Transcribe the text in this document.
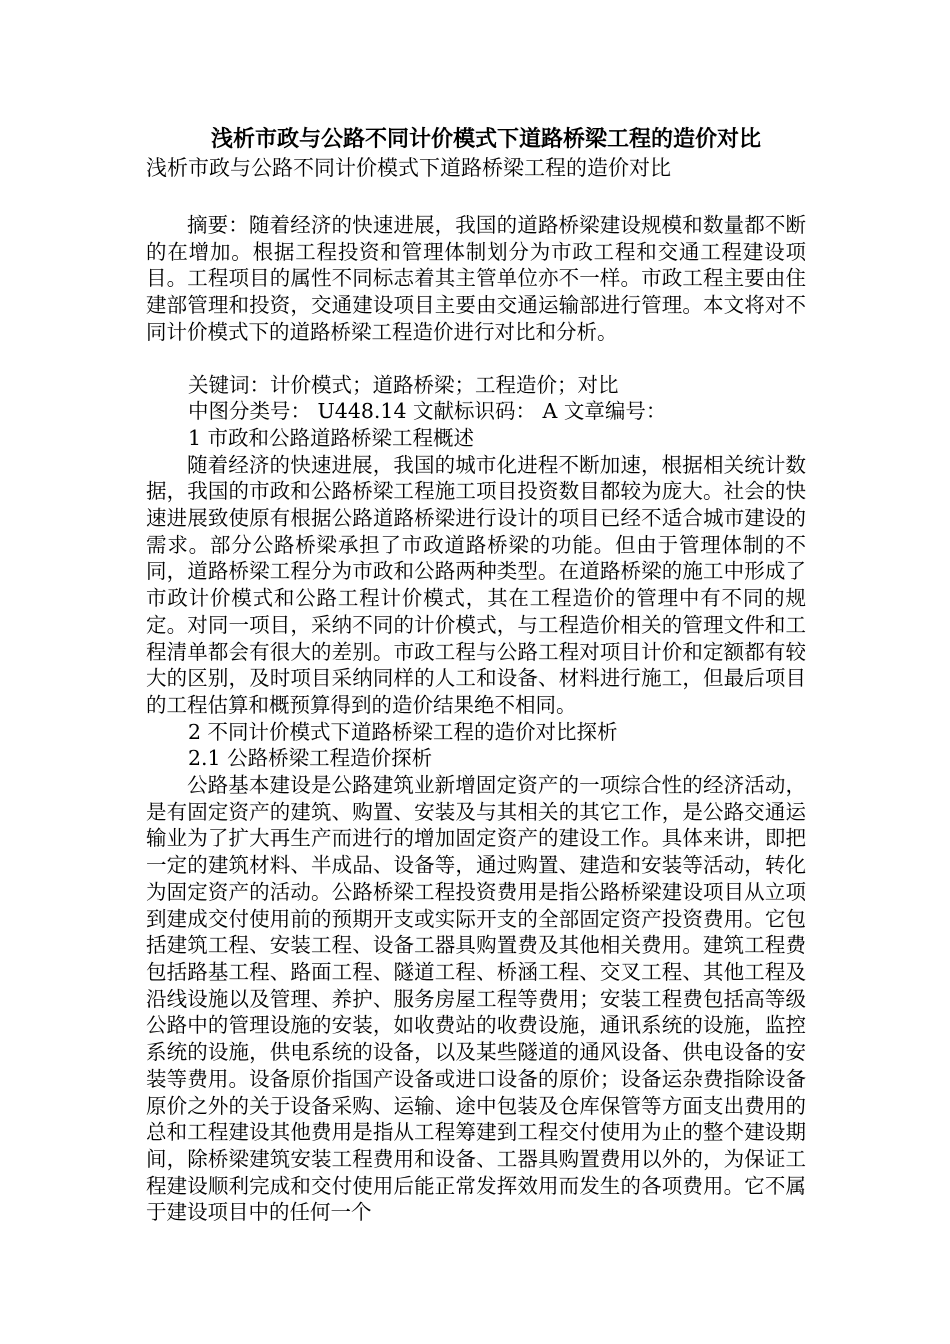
浅析市政与公路不同计价模式下道路桥梁工程的造价对比
浅析市政与公路不同计价模式下道路桥梁工程的造价对比

摘要：随着经济的快速进展，我国的道路桥梁建设规模和数量都不断的在增加。根据工程投资和管理体制划分为市政工程和交通工程建设项目。工程项目的属性不同标志着其主管单位亦不一样。市政工程主要由住建部管理和投资，交通建设项目主要由交通运输部进行管理。本文将对不同计价模式下的道路桥梁工程造价进行对比和分析。

关键词：计价模式；道路桥梁；工程造价；对比

中图分类号： U448.14 文献标识码： A 文章编号：

1 市政和公路道路桥梁工程概述

随着经济的快速进展，我国的城市化进程不断加速，根据相关统计数据，我国的市政和公路桥梁工程施工项目投资数目都较为庞大。社会的快速进展致使原有根据公路道路桥梁进行设计的项目已经不适合城市建设的需求。部分公路桥梁承担了市政道路桥梁的功能。但由于管理体制的不同，道路桥梁工程分为市政和公路两种类型。在道路桥梁的施工中形成了市政计价模式和公路工程计价模式，其在工程造价的管理中有不同的规定。对同一项目，采纳不同的计价模式，与工程造价相关的管理文件和工程清单都会有很大的差别。市政工程与公路工程对项目计价和定额都有较大的区别，及时项目采纳同样的人工和设备、材料进行施工，但最后项目的工程估算和概预算得到的造价结果绝不相同。

2 不同计价模式下道路桥梁工程的造价对比探析

2.1 公路桥梁工程造价探析

公路基本建设是公路建筑业新增固定资产的一项综合性的经济活动，是有固定资产的建筑、购置、安装及与其相关的其它工作，是公路交通运输业为了扩大再生产而进行的增加固定资产的建设工作。具体来讲，即把一定的建筑材料、半成品、设备等，通过购置、建造和安装等活动，转化为固定资产的活动。公路桥梁工程投资费用是指公路桥梁建设项目从立项到建成交付使用前的预期开支或实际开支的全部固定资产投资费用。它包括建筑工程、安装工程、设备工器具购置费及其他相关费用。建筑工程费包括路基工程、路面工程、隧道工程、桥涵工程、交叉工程、其他工程及沿线设施以及管理、养护、服务房屋工程等费用；安装工程费包括高等级公路中的管理设施的安装，如收费站的收费设施，通讯系统的设施，监控系统的设施，供电系统的设备，以及某些隧道的通风设备、供电设备的安装等费用。设备原价指国产设备或进口设备的原价；设备运杂费指除设备原价之外的关于设备采购、运输、途中包装及仓库保管等方面支出费用的总和工程建设其他费用是指从工程筹建到工程交付使用为止的整个建设期间，除桥梁建筑安装工程费用和设备、工器具购置费用以外的，为保证工程建设顺利完成和交付使用后能正常发挥效用而发生的各项费用。它不属于建设项目中的任何一个
